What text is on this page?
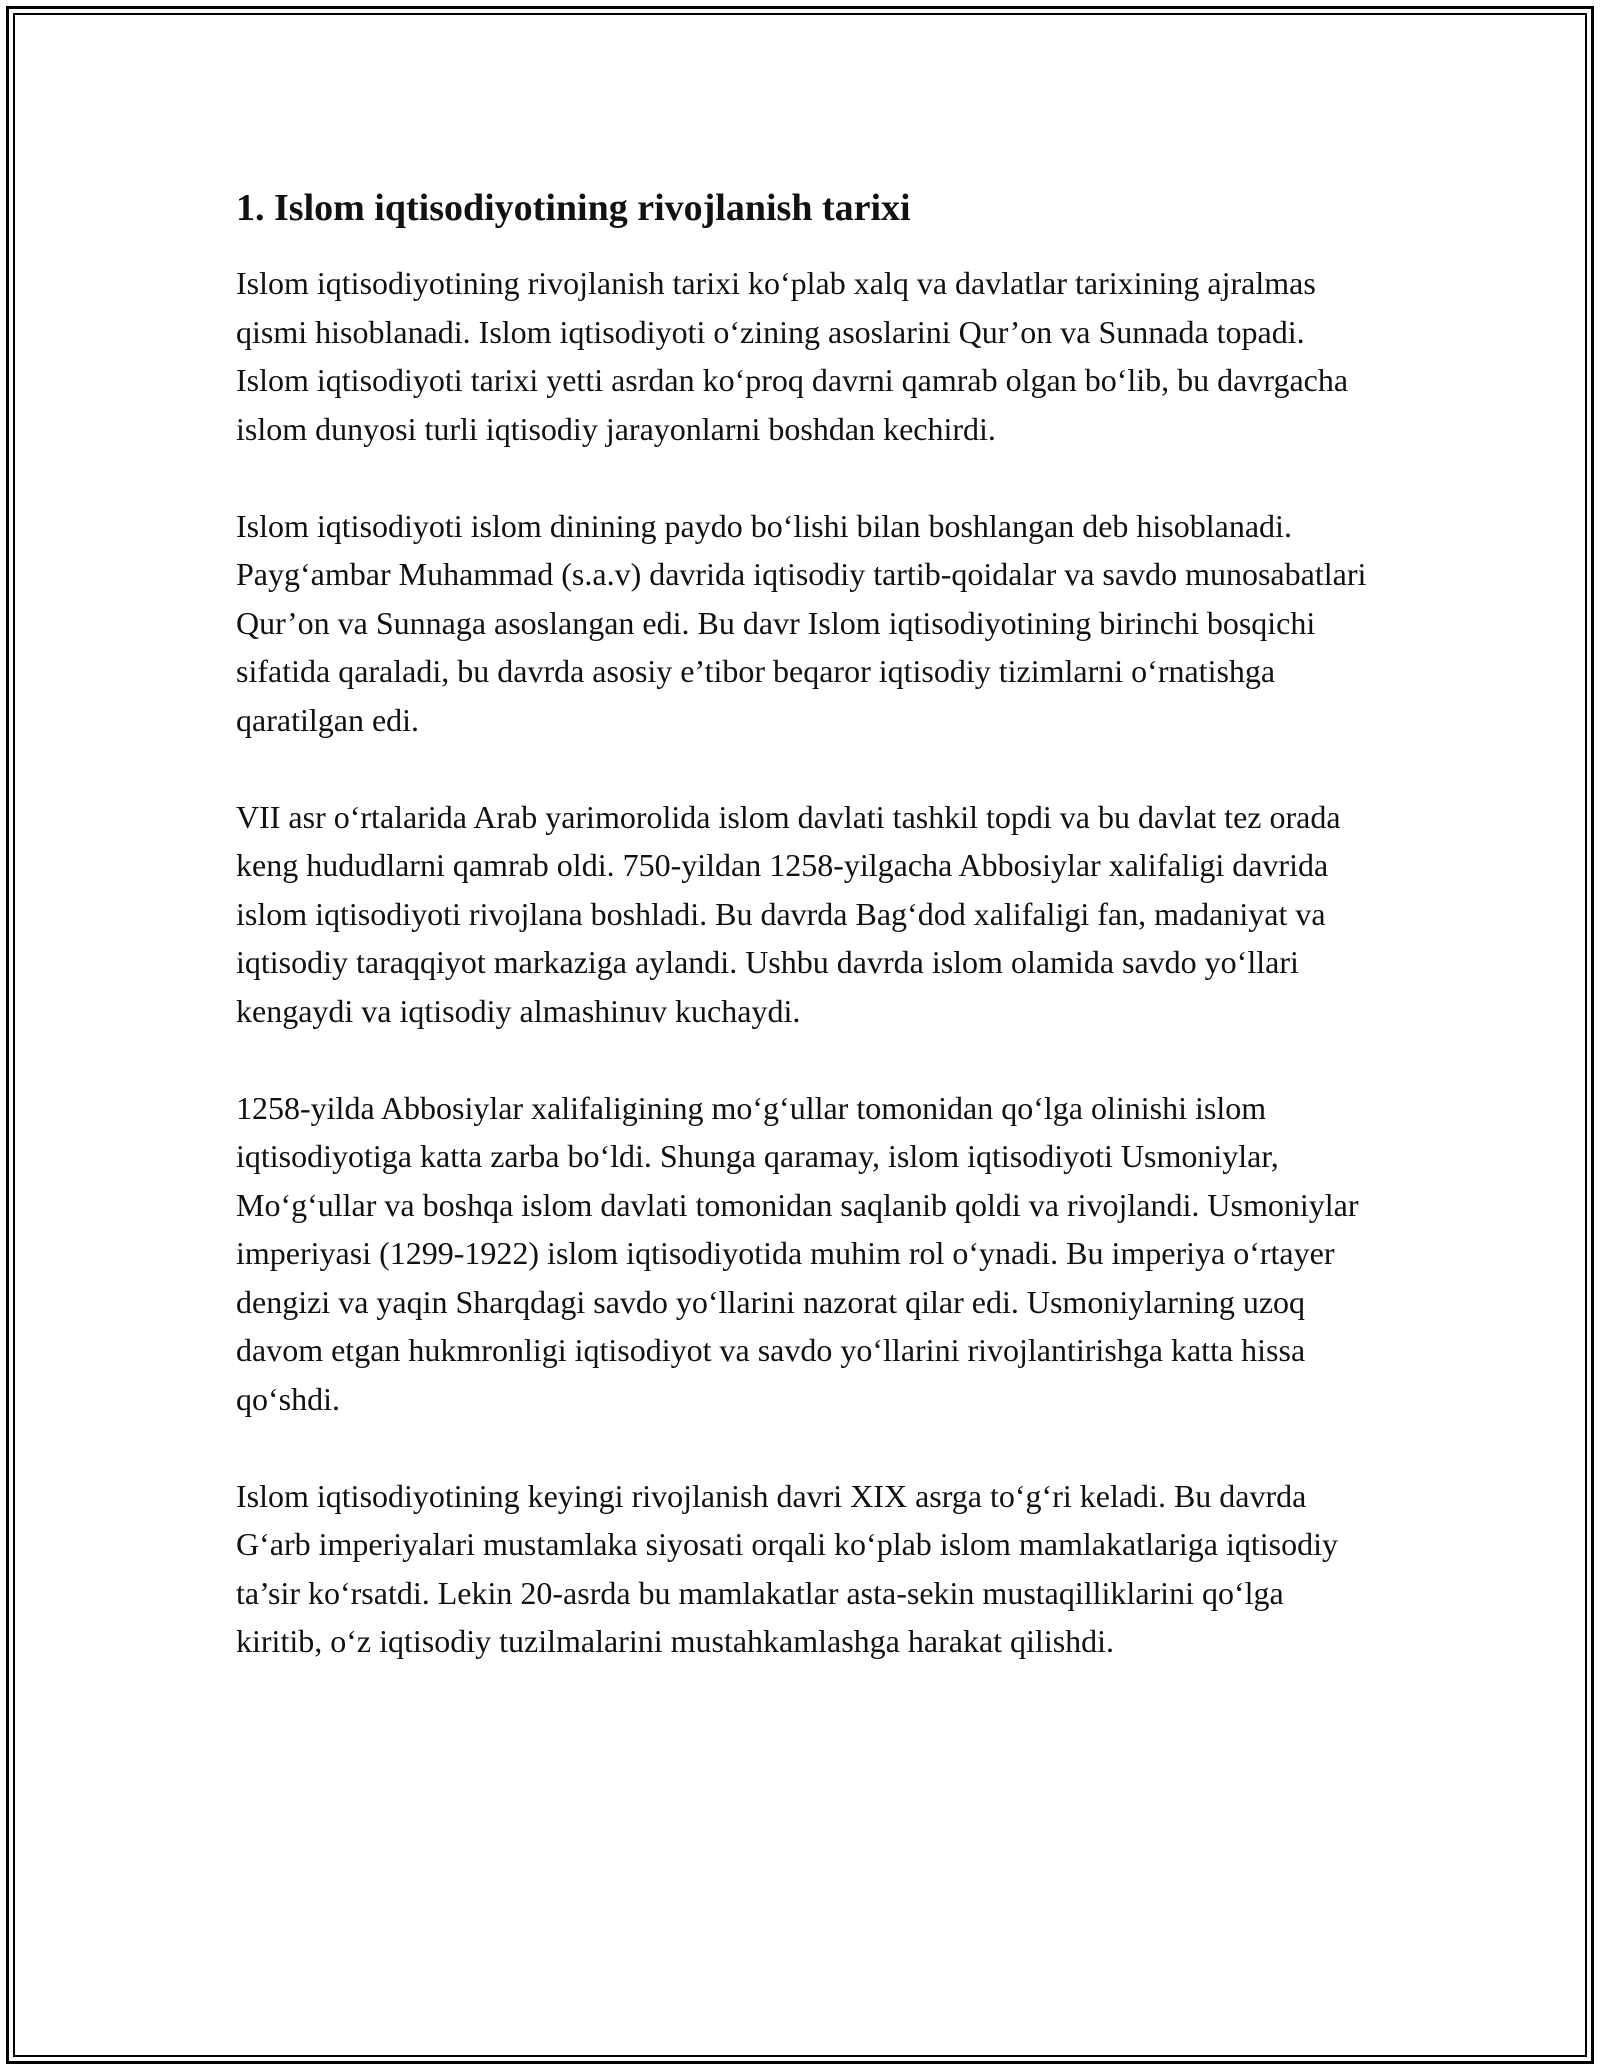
1. Islom iqtisodiyotining rivojlanish tarixi

Islom iqtisodiyotining rivojlanish tarixi ko‘plab xalq va davlatlar tarixining ajralmas qismi hisoblanadi. Islom iqtisodiyoti o‘zining asoslarini Qur’on va Sunnada topadi. Islom iqtisodiyoti tarixi yetti asrdan ko‘proq davrni qamrab olgan bo‘lib, bu davrgacha islom dunyosi turli iqtisodiy jarayonlarni boshdan kechirdi.

Islom iqtisodiyoti islom dinining paydo bo‘lishi bilan boshlangan deb hisoblanadi. Payg‘ambar Muhammad (s.a.v) davrida iqtisodiy tartib-qoidalar va savdo munosabatlari Qur’on va Sunnaga asoslangan edi. Bu davr Islom iqtisodiyotining birinchi bosqichi sifatida qaraladi, bu davrda asosiy e’tibor beqaror iqtisodiy tizimlarni o‘rnatishga qaratilgan edi.

VII asr o‘rtalarida Arab yarimorolida islom davlati tashkil topdi va bu davlat tez orada keng hududlarni qamrab oldi. 750-yildan 1258-yilgacha Abbosiylar xalifaligi davrida islom iqtisodiyoti rivojlana boshladi. Bu davrda Bag‘dod xalifaligi fan, madaniyat va iqtisodiy taraqqiyot markaziga aylandi. Ushbu davrda islom olamida savdo yo‘llari kengaydi va iqtisodiy almashinuv kuchaydi.

1258-yilda Abbosiylar xalifaligining mo‘g‘ullar tomonidan qo‘lga olinishi islom iqtisodiyotiga katta zarba bo‘ldi. Shunga qaramay, islom iqtisodiyoti Usmoniylar, Mo‘g‘ullar va boshqa islom davlati tomonidan saqlanib qoldi va rivojlandi. Usmoniylar imperiyasi (1299-1922) islom iqtisodiyotida muhim rol o‘ynadi. Bu imperiya o‘rtayer dengizi va yaqin Sharqdagi savdo yo‘llarini nazorat qilar edi. Usmoniylarning uzoq davom etgan hukmronligi iqtisodiyot va savdo yo‘llarini rivojlantirishga katta hissa qo‘shdi.

Islom iqtisodiyotining keyingi rivojlanish davri XIX asrga to‘g‘ri keladi. Bu davrda G‘arb imperiyalari mustamlaka siyosati orqali ko‘plab islom mamlakatlariga iqtisodiy ta’sir ko‘rsatdi. Lekin 20-asrda bu mamlakatlar asta-sekin mustaqilliklarini qo‘lga kiritib, o‘z iqtisodiy tuzilmalarini mustahkamlashga harakat qilishdi.
